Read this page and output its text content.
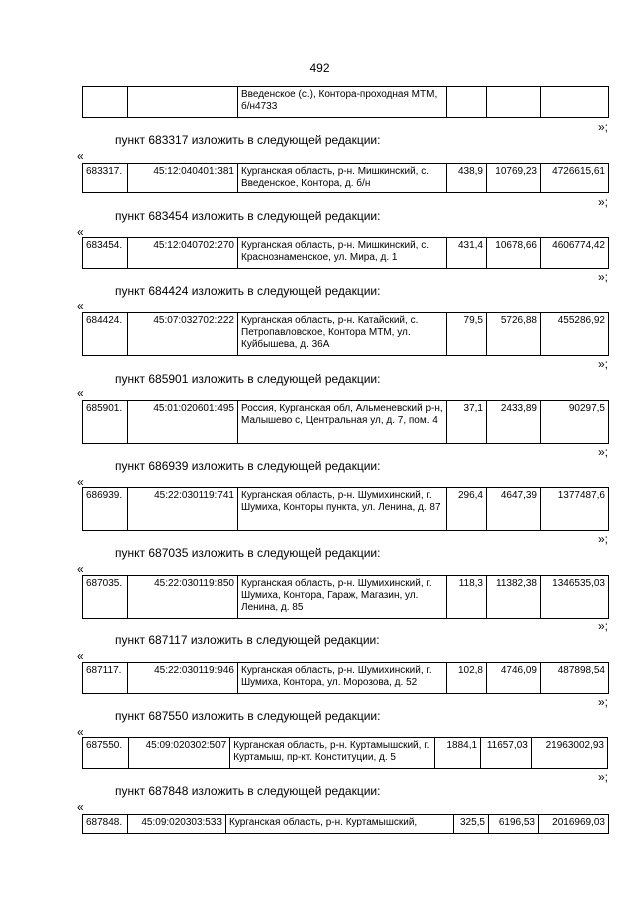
492
		Введенское (с.), Контора-проходная МТМ, б/н4733			
»;
пункт 683317 изложить в следующей редакции:
«
683317.	45:12:040401:381	Курганская область, р-н. Мишкинский, с. Введенское, Контора, д. б/н	438,9	10769,23	4726615,61
»;
пункт 683454 изложить в следующей редакции:
«
683454.	45:12:040702:270	Курганская область, р-н. Мишкинский, с. Краснознаменское, ул. Мира, д. 1	431,4	10678,66	4606774,42
»;
пункт 684424 изложить в следующей редакции:
«
684424.	45:07:032702:222	Курганская область, р-н. Катайский, с. Петропавловское, Контора МТМ, ул. Куйбышева, д. 36А	79,5	5726,88	455286,92
»;
пункт 685901 изложить в следующей редакции:
«
685901.	45:01:020601:495	Россия, Курганская обл, Альменевский р-н, Малышево с, Центральная ул, д. 7, пом. 4	37,1	2433,89	90297,5
»;
пункт 686939 изложить в следующей редакции:
«
686939.	45:22:030119:741	Курганская область, р-н. Шумихинский, г. Шумиха, Конторы пункта, ул. Ленина, д. 87	296,4	4647,39	1377487,6
»;
пункт 687035 изложить в следующей редакции:
«
687035.	45:22:030119:850	Курганская область, р-н. Шумихинский, г. Шумиха, Контора, Гараж, Магазин, ул. Ленина, д. 85	118,3	11382,38	1346535,03
»;
пункт 687117 изложить в следующей редакции:
«
687117.	45:22:030119:946	Курганская область, р-н. Шумихинский, г. Шумиха, Контора, ул. Морозова, д. 52	102,8	4746,09	487898,54
»;
пункт 687550 изложить в следующей редакции:
«
687550.	45:09:020302:507	Курганская область, р-н. Куртамышский, г. Куртамыш, пр-кт. Конституции, д. 5	1884,1	11657,03	21963002,93
»;
пункт 687848 изложить в следующей редакции:
«
687848.	45:09:020303:533	Курганская область, р-н. Куртамышский,	325,5	6196,53	2016969,03
